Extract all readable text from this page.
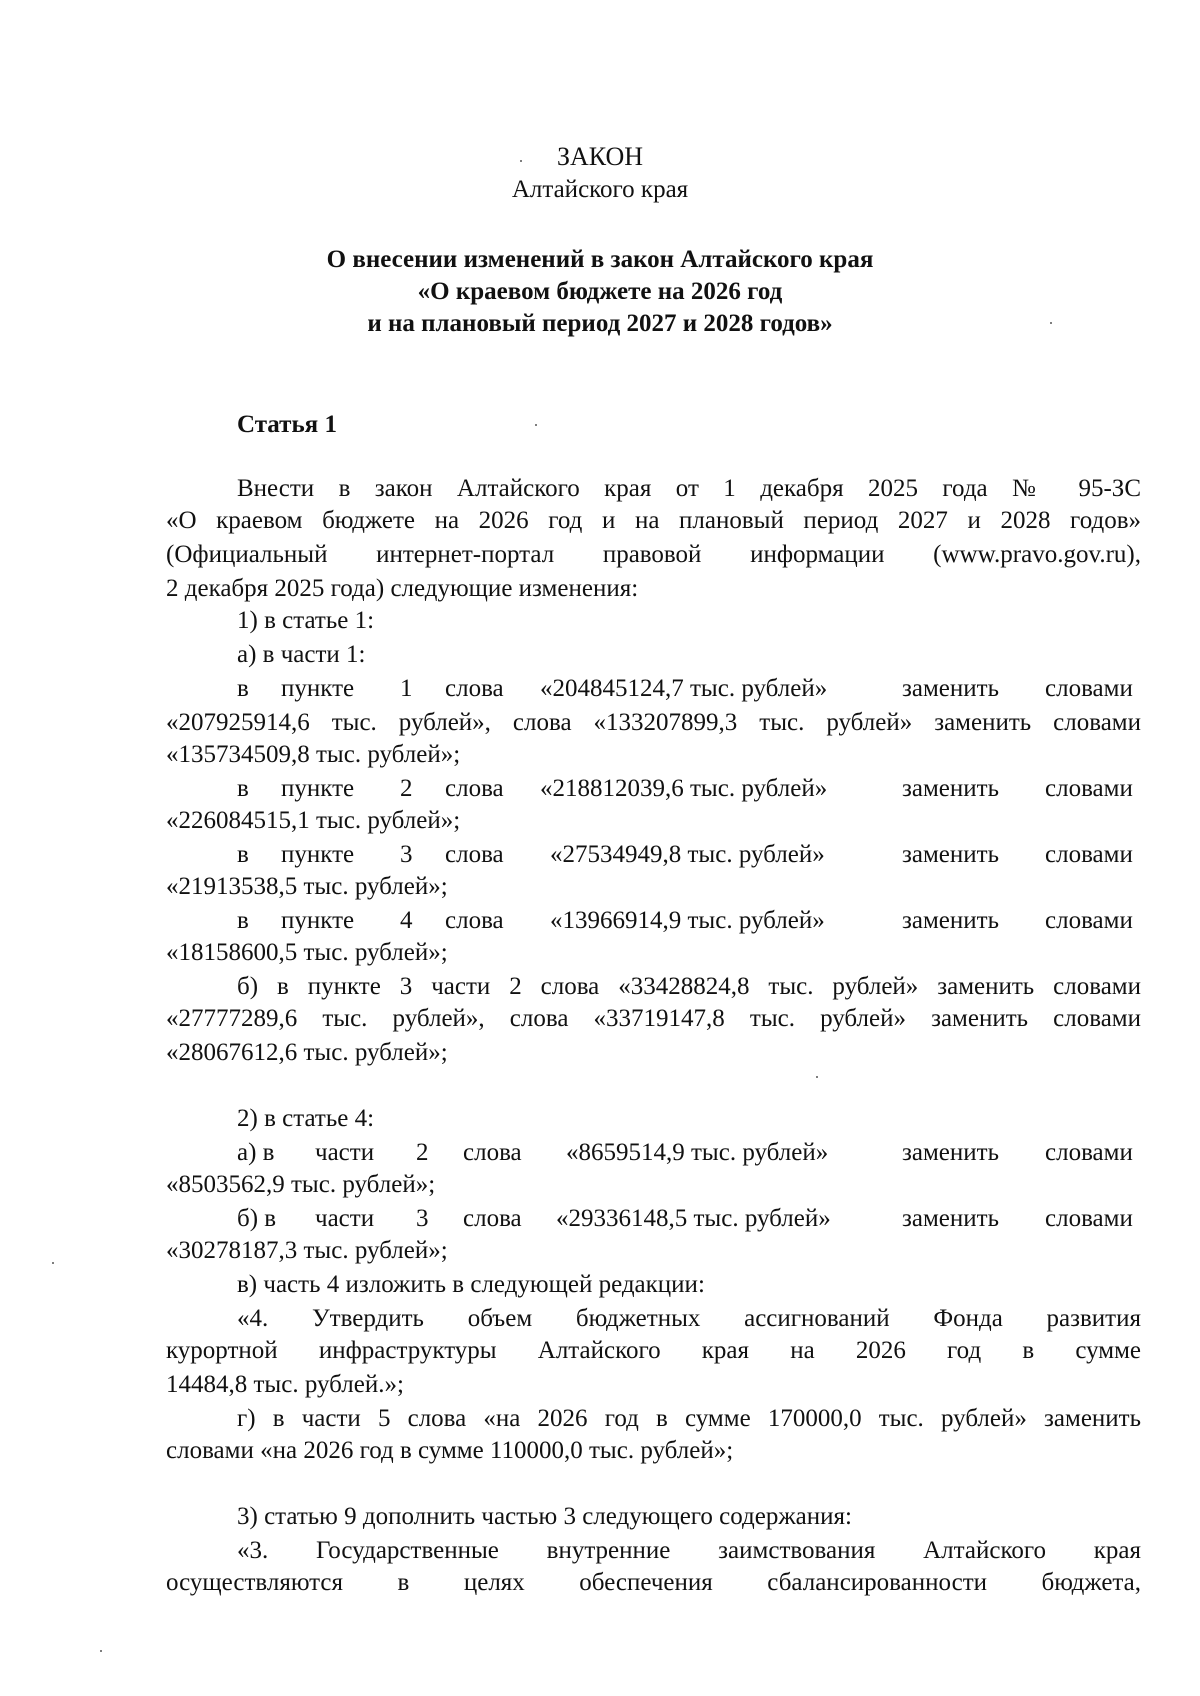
ЗАКОН
Алтайского края
О внесении изменений в закон Алтайского края
«О краевом бюджете на 2026 год
и на плановый период 2027 и 2028 годов»
Статья 1
Внести в закон Алтайского края от 1 декабря 2025 года № 95-ЗС
«О краевом бюджете на 2026 год и на плановый период 2027 и 2028 годов»
(Официальный интернет-портал правовой информации (www.pravo.gov.ru),
2 декабря 2025 года) следующие изменения:
1) в статье 1:
а) в части 1:
в пункте 1 слова «204845124,7 тыс. рублей»	заменить словами
«207925914,6 тыс. рублей», слова «133207899,3 тыс. рублей» заменить словами
«135734509,8 тыс. рублей»;
в пункте 2 слова «218812039,6 тыс. рублей»	заменить словами
«226084515,1 тыс. рублей»;
в пункте 3 слова «27534949,8 тыс. рублей»	заменить словами
«21913538,5 тыс. рублей»;
в пункте 4 слова «13966914,9 тыс. рублей»	заменить словами
«18158600,5 тыс. рублей»;
б) в пункте 3 части 2 слова «33428824,8 тыс. рублей» заменить словами
«27777289,6 тыс. рублей», слова «33719147,8 тыс. рублей» заменить словами
«28067612,6 тыс. рублей»;
2) в статье 4:
а) в части 2 слова «8659514,9 тыс. рублей»	заменить словами
«8503562,9 тыс. рублей»;
б) в части 3 слова «29336148,5 тыс. рублей»	заменить словами
«30278187,3 тыс. рублей»;
в) часть 4 изложить в следующей редакции:
«4. Утвердить объем бюджетных ассигнований Фонда развития
курортной инфраструктуры Алтайского края на 2026 год в сумме
14484,8 тыс. рублей.»;
г) в части 5 слова «на 2026 год в сумме 170000,0 тыс. рублей» заменить
словами «на 2026 год в сумме 110000,0 тыс. рублей»;
3) статью 9 дополнить частью 3 следующего содержания:
«3. Государственные внутренние заимствования Алтайского края
осуществляются в целях обеспечения сбалансированности бюджета,
